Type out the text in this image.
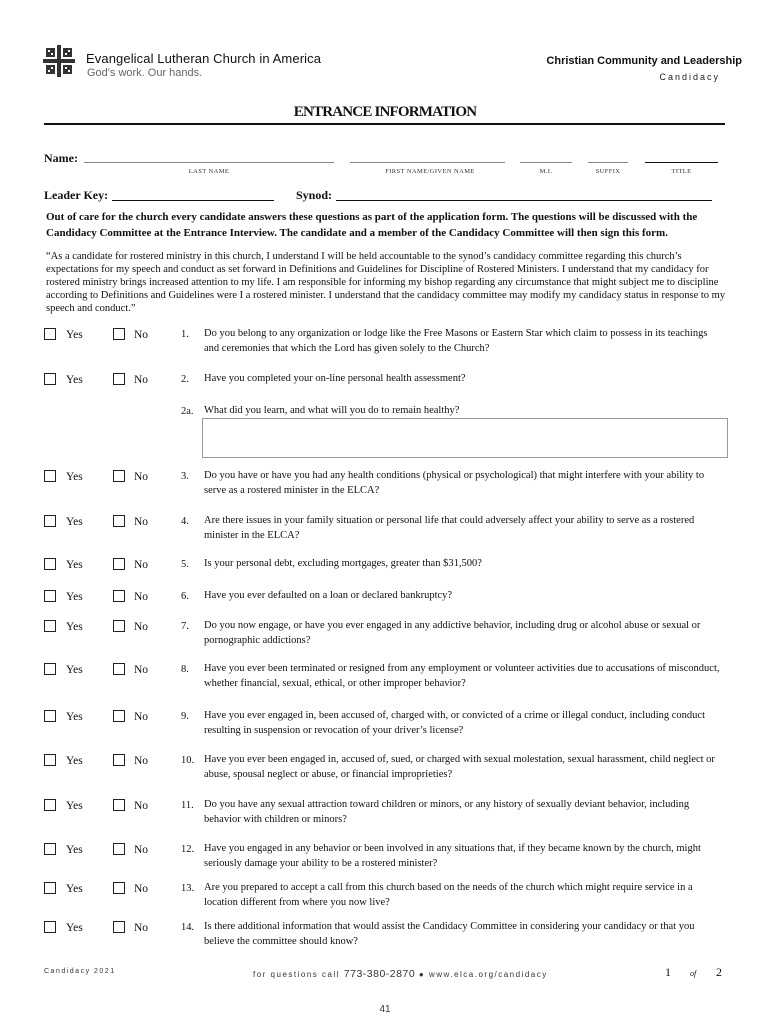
Evangelical Lutheran Church in America
God's work. Our hands.
Christian Community and Leadership
Candidacy
ENTRANCE INFORMATION
Name:
LAST NAME	FIRST NAME/GIVEN NAME	M.I.	SUFFIX	TITLE
Leader Key:	Synod:
Out of care for the church every candidate answers these questions as part of the application form. The questions will be discussed with the Candidacy Committee at the Entrance Interview. The candidate and a member of the Candidacy Committee will then sign this form.
“As a candidate for rostered ministry in this church, I understand I will be held accountable to the synod’s candidacy committee regarding this church’s expectations for my speech and conduct as set forward in Definitions and Guidelines for Discipline of Rostered Ministers. I understand that my candidacy for rostered ministry brings increased attention to my life. I am responsible for informing my bishop regarding any circumstance that might subject me to discipline according to Definitions and Guidelines were I a rostered minister. I understand that the candidacy committee may modify my candidacy status in response to my speech and conduct.”
Yes	No	1. Do you belong to any organization or lodge like the Free Masons or Eastern Star which claim to possess in its teachings and ceremonies that which the Lord has given solely to the Church?
Yes	No	2. Have you completed your on-line personal health assessment?
2a. What did you learn, and what will you do to remain healthy?
Yes	No	3. Do you have or have you had any health conditions (physical or psychological) that might interfere with your ability to serve as a rostered minister in the ELCA?
Yes	No	4. Are there issues in your family situation or personal life that could adversely affect your ability to serve as a rostered minister in the ELCA?
Yes	No	5. Is your personal debt, excluding mortgages, greater than $31,500?
Yes	No	6. Have you ever defaulted on a loan or declared bankruptcy?
Yes	No	7. Do you now engage, or have you ever engaged in any addictive behavior, including drug or alcohol abuse or sexual or pornographic addictions?
Yes	No	8. Have you ever been terminated or resigned from any employment or volunteer activities due to accusations of misconduct, whether financial, sexual, ethical, or other improper behavior?
Yes	No	9. Have you ever engaged in, been accused of, charged with, or convicted of a crime or illegal conduct, including conduct resulting in suspension or revocation of your driver’s license?
Yes	No	10. Have you ever been engaged in, accused of, sued, or charged with sexual molestation, sexual harassment, child neglect or abuse, spousal neglect or abuse, or financial improprieties?
Yes	No	11. Do you have any sexual attraction toward children or minors, or any history of sexually deviant behavior, including behavior with children or minors?
Yes	No	12. Have you engaged in any behavior or been involved in any situations that, if they became known by the church, might seriously damage your ability to be a rostered minister?
Yes	No	13. Are you prepared to accept a call from this church based on the needs of the church which might require service in a location different from where you now live?
Yes	No	14. Is there additional information that would assist the Candidacy Committee in considering your candidacy or that you believe the committee should know?
Candidacy 2021	for questions call 773-380-2870 ● www.elca.org/candidacy	1 of 2
41
